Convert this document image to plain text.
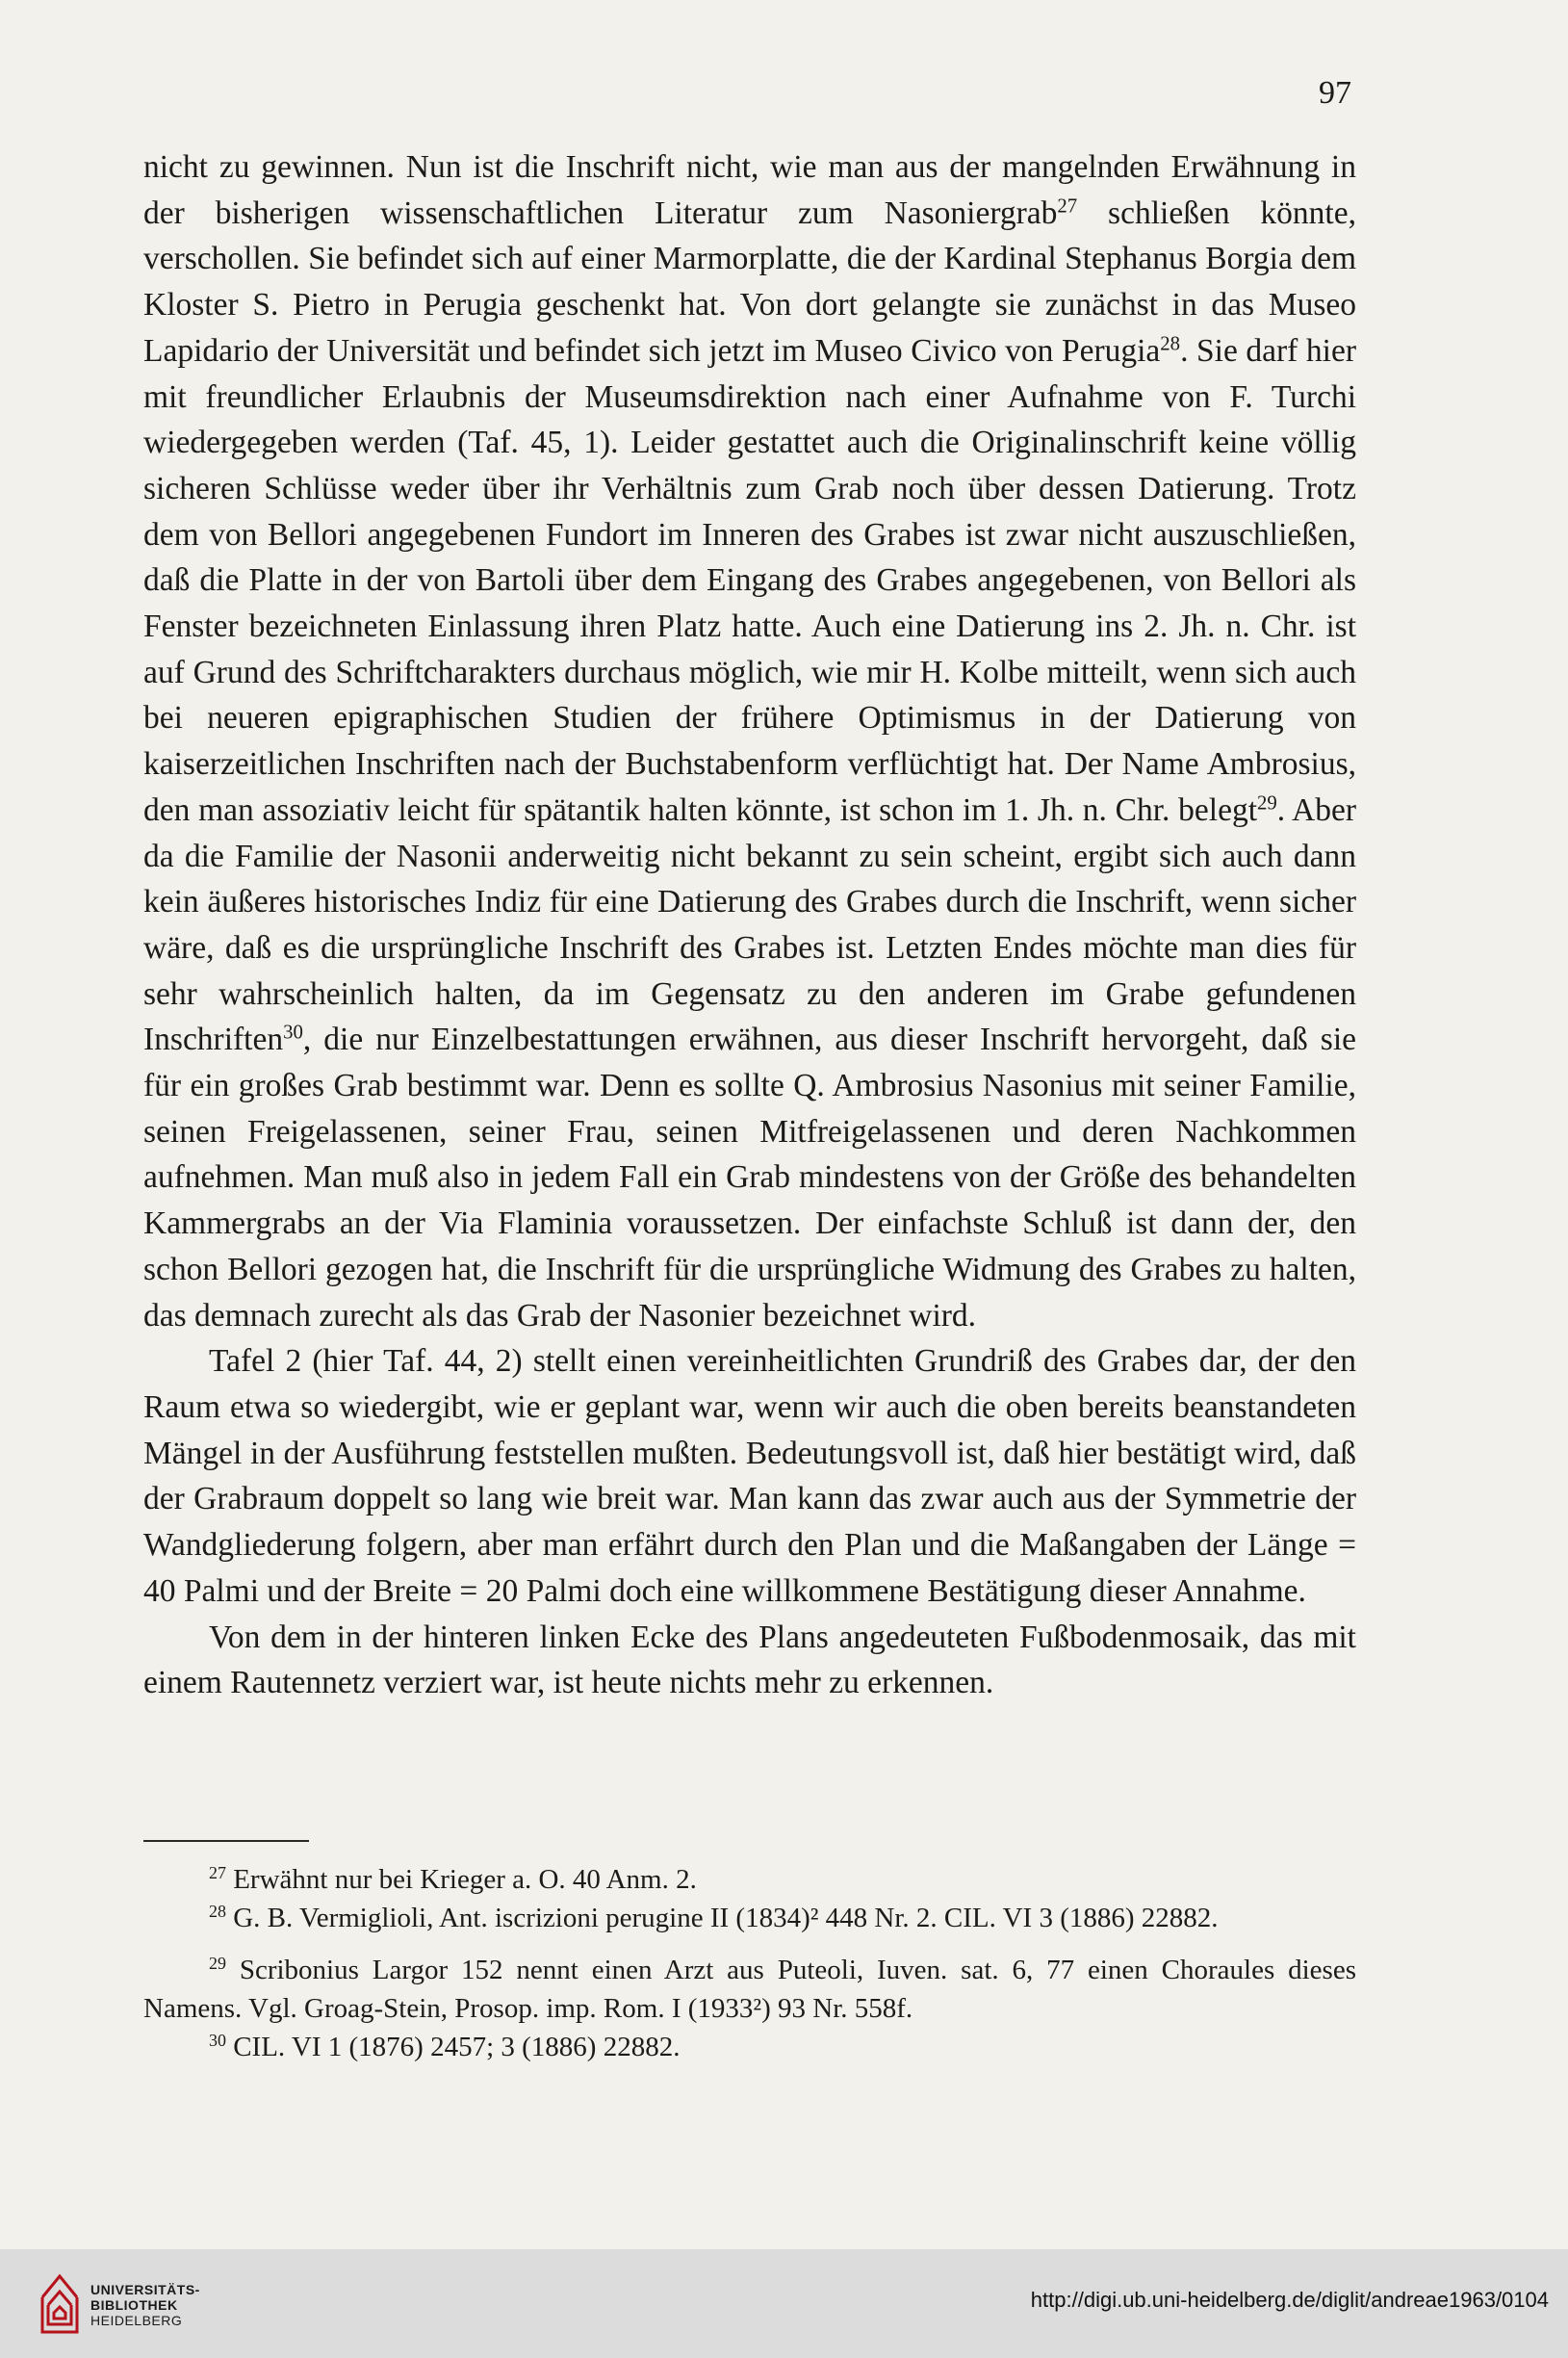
97

nicht zu gewinnen. Nun ist die Inschrift nicht, wie man aus der mangelnden Erwähnung in der bisherigen wissenschaftlichen Literatur zum Nasoniergrab$^{27}$ schließen könnte, verschollen. Sie befindet sich auf einer Marmorplatte, die der Kardinal Stephanus Borgia dem Kloster S. Pietro in Perugia geschenkt hat. Von dort gelangte sie zunächst in das Museo Lapidario der Universität und befindet sich jetzt im Museo Civico von Perugia$^{28}$. Sie darf hier mit freundlicher Erlaubnis der Museumsdirektion nach einer Aufnahme von F. Turchi wiedergegeben werden (Taf. 45, 1). Leider gestattet auch die Originalinschrift keine völlig sicheren Schlüsse weder über ihr Verhältnis zum Grab noch über dessen Datierung. Trotz dem von Bellori angegebenen Fundort im Inneren des Grabes ist zwar nicht auszuschließen, daß die Platte in der von Bartoli über dem Eingang des Grabes angegebenen, von Bellori als Fenster bezeichneten Einlassung ihren Platz hatte. Auch eine Datierung ins 2. Jh. n. Chr. ist auf Grund des Schriftcharakters durchaus möglich, wie mir H. Kolbe mitteilt, wenn sich auch bei neueren epigraphischen Studien der frühere Optimismus in der Datierung von kaiserzeitlichen Inschriften nach der Buchstabenform verflüchtigt hat. Der Name Ambrosius, den man assoziativ leicht für spätantik halten könnte, ist schon im 1. Jh. n. Chr. belegt$^{29}$. Aber da die Familie der Nasonii anderweitig nicht bekannt zu sein scheint, ergibt sich auch dann kein äußeres historisches Indiz für eine Datierung des Grabes durch die Inschrift, wenn sicher wäre, daß es die ursprüngliche Inschrift des Grabes ist. Letzten Endes möchte man dies für sehr wahrscheinlich halten, da im Gegensatz zu den anderen im Grabe gefundenen Inschriften$^{30}$, die nur Einzelbestattungen erwähnen, aus dieser Inschrift hervorgeht, daß sie für ein großes Grab bestimmt war. Denn es sollte Q. Ambrosius Nasonius mit seiner Familie, seinen Freigelassenen, seiner Frau, seinen Mitfreigelassenen und deren Nachkommen aufnehmen. Man muß also in jedem Fall ein Grab mindestens von der Größe des behandelten Kammergrabs an der Via Flaminia voraussetzen. Der einfachste Schluß ist dann der, den schon Bellori gezogen hat, die Inschrift für die ursprüngliche Widmung des Grabes zu halten, das demnach zurecht als das Grab der Nasonier bezeichnet wird.

Tafel 2 (hier Taf. 44, 2) stellt einen vereinheitlichten Grundriß des Grabes dar, der den Raum etwa so wiedergibt, wie er geplant war, wenn wir auch die oben bereits beanstandeten Mängel in der Ausführung feststellen mußten. Bedeutungsvoll ist, daß hier bestätigt wird, daß der Grabraum doppelt so lang wie breit war. Man kann das zwar auch aus der Symmetrie der Wandgliederung folgern, aber man erfährt durch den Plan und die Maßangaben der Länge = 40 Palmi und der Breite = 20 Palmi doch eine willkommene Bestätigung dieser Annahme.

Von dem in der hinteren linken Ecke des Plans angedeuteten Fußbodenmosaik, das mit einem Rautennetz verziert war, ist heute nichts mehr zu erkennen.

$^{27}$ Erwähnt nur bei Krieger a. O. 40 Anm. 2.

$^{28}$ G. B. Vermiglioli, Ant. iscrizioni perugine II (1834)² 448 Nr. 2. CIL. VI 3 (1886) 22882.

$^{29}$ Scribonius Largor 152 nennt einen Arzt aus Puteoli, Iuven. sat. 6, 77 einen Choraules dieses Namens. Vgl. Groag-Stein, Prosop. imp. Rom. I (1933²) 93 Nr. 558f.

$^{30}$ CIL. VI 1 (1876) 2457; 3 (1886) 22882.

UNIVERSITÄTS-
BIBLIOTHEK
HEIDELBERG
http://digi.ub.uni-heidelberg.de/diglit/andreae1963/0104
